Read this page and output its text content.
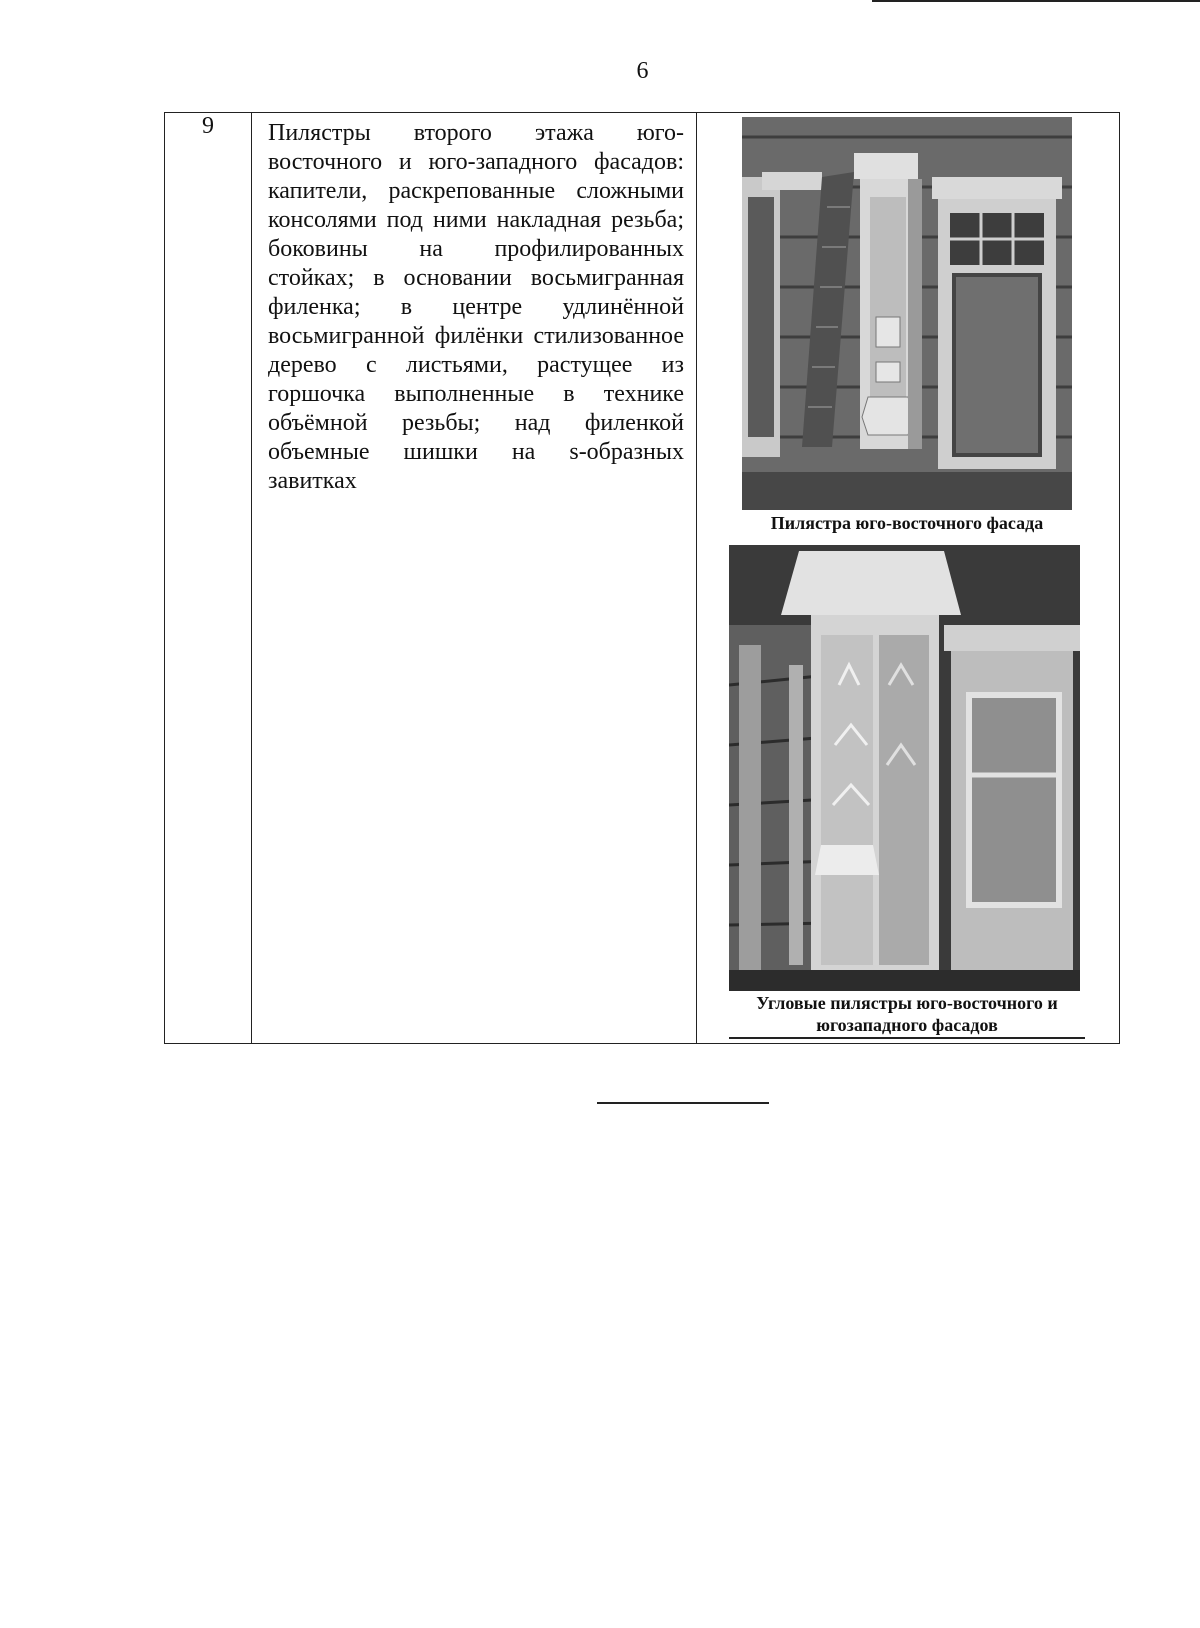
6
9	Пилястры второго этажа юго-восточного и юго-западного фасадов: капители, раскрепованные сложными консолями под ними накладная резьба; боковины на профилированных стойках; в основании восьмигранная филенка; в центре удлинённой восьмигранной филёнки стилизованное дерево с листьями, растущее из горшочка выполненные в технике объёмной резьбы; над филенкой объемные шишки на s-образных завитках

Пилястра юго-восточного фасада
Угловые пилястры юго-восточного и югозападного фасадов
